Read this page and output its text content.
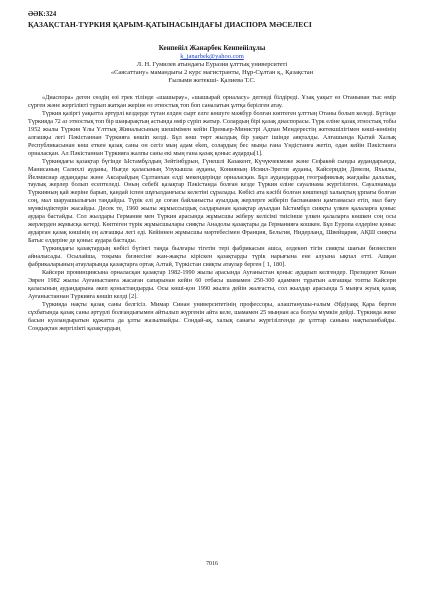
ƏӘК:324
ҚАЗАҚСТАН-ТҮРКИЯ ҚАРЫМ-ҚАТЫНАСЫНДАҒЫ ДИАСПОРА МӘСЕЛЕСІ
Кенпейіл Жанарбек Кенпейілұлы
k_janarbek@yahoo.com
Л. Н. Гумилев атындағы Еуразия ұлттық университеті
«Саясаттану» мамандығы 2 курс магистранты, Нұр-Сұлтан қ., Қазақстан
Ғылыми жетекші- Қалиева Т.С.

«Диаспора» деген сөздің өзі грек тілінде «шашырау», «шашырай орналасу» дегенді білдіреді. Ұзақ уақыт өз Отанынан тыс өмір сүрген және жергілікті түрып жатқан жеріне өз этностық топ боп саналатын ұлтқа берілген атау.

Түркия қазіргі уақытта әртүрлі кездерде түтан елден сырт елге көшуге мәжбүр болған көптеген ұлттың Отаны болып келеді. Бүгінде Түркияда 72 аз этностық топ бір шаңырақтың астында өмір сүріп жатыр. Солардың бірі қазақ диаспорасы. Түрк еліне қазақ этностық тобы 1952 жылы Түркия Ұлы Үлттық Жиналысының шешімімен кейін Премьер-Министрі Адпан Мендерестің жетекшілігімен көші-көнінің алғашқы легі Пәкістаннан Түркияға көшіп келді. Бұл көш төрт жылдық бір уақыт ішінде аяқталды. Алғашында Қытай Халық Республикасынан көш еткен қазақ саны он сегіз мың адам еken, солардың бес мыңы ғана Үндістанға жетіп, одан кейін Пәкістанға орналасқан. Ал Пәкістаннан Түркияға жалпы саны екі мың ғана қазақ қоныс аударды[1].

Түркиядағы қазақтар бүгінде Ыстамбұлдың Зейтінбұрын, Гүнешлі Казакент, Күчүкчекмеже және Сефакөй сынды аудандарында, Манисаның Салихлі ауданы, Нығде қаласының Улукышла ауданы, Конияның Исмил-Эрегли ауданы, Кайсеридің Девели, Яхьялы, Йелмисиар аудандары және Аксарайдың Сұлтанхан елді мекендерінде орналасқан. Бұл аудандардың географиялық жағдайы далалық, таулық жерлер болып есептеледі. Оның себебі қазақтар Пәкістанда болған кезде Түркия еліне сауалнама жүргізілген. Сауалнамада Түркияның қай жеріне барып, қандай іспен шұғылданғысы келетіні сұралады. Көбісі ата кәсібі болған көшпенді халықтың ұрпағы болған соң, мал шаруашылығын таңдайды. Түрік елі де соған байланысты ауылдық жерлерге жіберіп баспанамен қамтамасыз етіп, мал бағу мүмкіндіктерін жасайды. Десек те, 1960 жылы жұмыссыздық салдарынан қазақтар ауылдан Ыстамбұл сияқты үлкен қалаларға қоныс аудара бастайды. Сол жылдары Германия мен Түркия арасында жұмысшы жіберу келісімі тиісінше үлкен қалаларға көшкен соң осы жерлерден жұмысқа кетеді. Көптеген түрік жұмысшылары сияқты Анадолы қазақтары да Германияға кошкен. Бұл Еуропа елдеріне қоныс аударған қазақ көшінің ең алғашқы легі еді. Кейіннен жұмысшы мәртебесімен Франция, Бельгия, Нидерланд, Швейцария, АҚШ сияқты Батыс елдеріне де қоныс аудара бастады.

Түркиядағы қазақтардың көбісі бүгінгі таңда былғары тігетін тері фабрикасын ашса, әлдекөп тігін сияқты шағын бизнеспен айналысады. Осылайша, тоқыма бизнесіне жан-жақты кіріскен қазақтарды түрік нарығына ене алуына ықпал етті. Ашқан фабрикаларының атауларында қазақтарға ортақ Алтай, Түркістан сияқты атаулар берген [ 1, 180].

Кайсери провинциясына орналасқан қазақтар 1982-1990 жылы арасында Ауғаныстан қоныс аударып келгендер. Президент Кенан Эврен 1982 жылы Ауғаныстанға жасаған сапарынан кейін 60 отбасы шамамен 250-300 адаммен тұратын алғашқы топты Кайсери қаласының аудандарына әкеп қоныстандырды. Осы көші-қон 1990 жылға дейін жалғасты, сол жылдар арасында 5 мыңға жуық қазақ Ауғаныстаннан Түркияға көшіп келді [2].

Түркияда нақты қазақ саны белгісіз. Мимар Синан университетінің профессоры, алаштанушы-ғалым Әбдіуаққ Қара берген сұхбатында қазақ саны әртүрлі болғандығымен айтылып жүргенін айта келе, шамамен 25 мыңнан аса болуы мүмкін дейді. Түркияда жеке басын куәландыратын құжатта да ұлты жазылмайды. Сондай-ақ, халық санағы жүргізілгенде де ұлттар санына нақтыланбайды. Сондықтан жергілікті қазақтардың

7016
